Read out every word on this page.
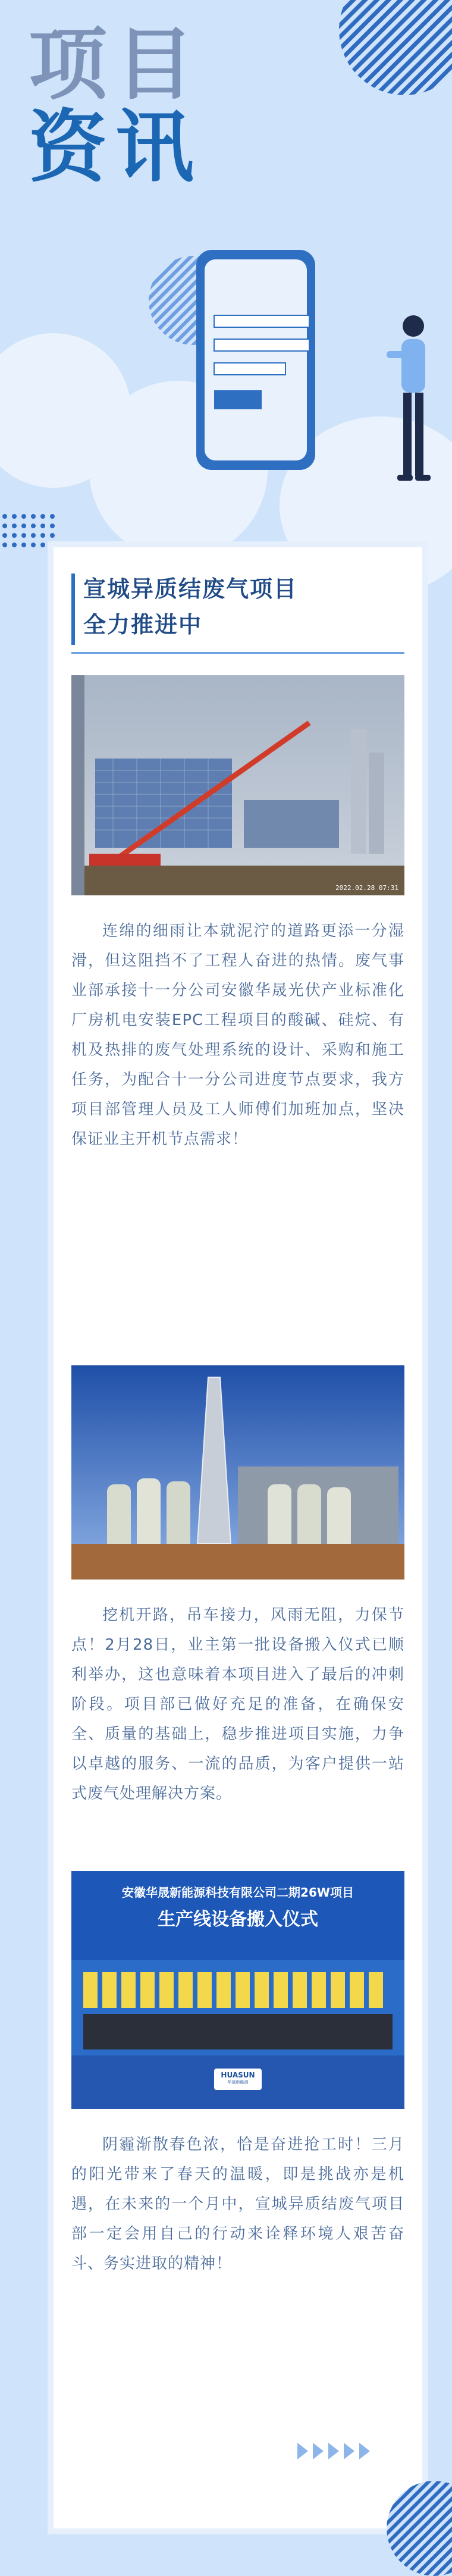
项目
资讯
宣城异质结废气项目
全力推进中
2022.02.28 07:31

连绵的细雨让本就泥泞的道路更添一分湿滑，但这阻挡不了工程人奋进的热情。废气事业部承接十一分公司安徽华晟光伏产业标准化厂房机电安装EPC工程项目的酸碱、硅烷、有机及热排的废气处理系统的设计、采购和施工任务，为配合十一分公司进度节点要求，我方项目部管理人员及工人师傅们加班加点，坚决保证业主开机节点需求！

挖机开路，吊车接力，风雨无阻，力保节点！2月28日，业主第一批设备搬入仪式已顺利举办，这也意味着本项目进入了最后的冲刺阶段。项目部已做好充足的准备，在确保安全、质量的基础上，稳步推进项目实施，力争以卓越的服务、一流的品质，为客户提供一站式废气处理解决方案。

安徽华晟新能源科技有限公司二期26W项目
生产线设备搬入仪式
HUASUN
华晟新能源

阴霾渐散春色浓，恰是奋进抢工时！三月的阳光带来了春天的温暖，即是挑战亦是机遇，在未来的一个月中，宣城异质结废气项目部一定会用自己的行动来诠释环境人艰苦奋斗、务实进取的精神！
